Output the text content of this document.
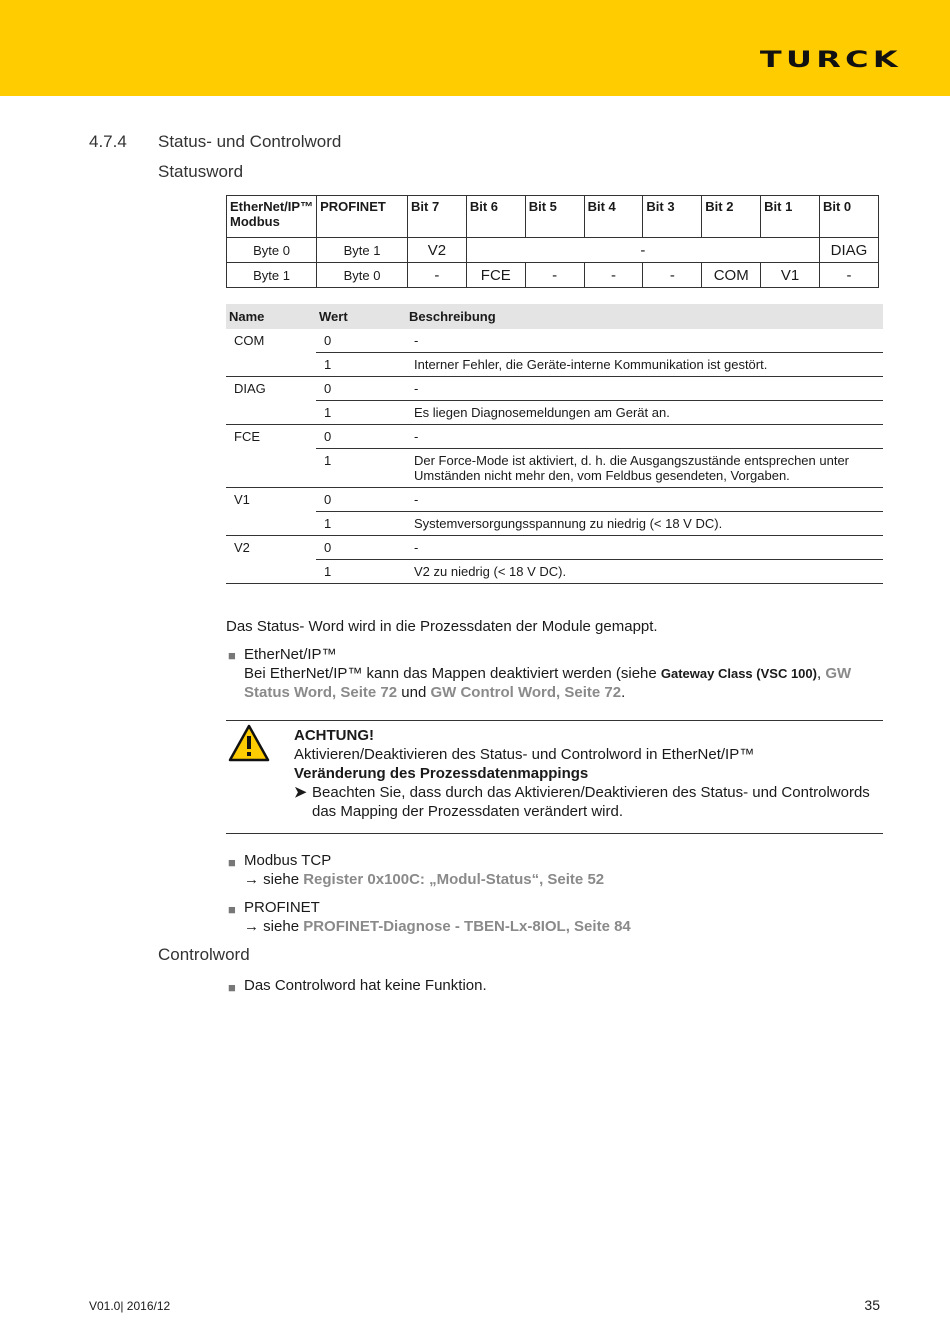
TURCK
4.7.4 Status- und Controlword
Statusword
EtherNet/IP™ Modbus	PROFINET	Bit 7	Bit 6	Bit 5	Bit 4	Bit 3	Bit 2	Bit 1	Bit 0
Byte 0	Byte 1	V2	-						DIAG
Byte 1	Byte 0	-	FCE	-	-	-	COM	V1	-
Name	Wert	Beschreibung
COM	0	-
	1	Interner Fehler, die Geräte-interne Kommunikation ist gestört.
DIAG	0	-
	1	Es liegen Diagnosemeldungen am Gerät an.
FCE	0	-
	1	Der Force-Mode ist aktiviert, d. h. die Ausgangszustände entsprechen unter Umständen nicht mehr den, vom Feldbus gesendeten, Vorgaben.
V1	0	-
	1	Systemversorgungsspannung zu niedrig (< 18 V DC).
V2	0	-
	1	V2 zu niedrig (< 18 V DC).
Das Status- Word wird in die Prozessdaten der Module gemappt.
■ EtherNet/IP™
Bei EtherNet/IP™ kann das Mappen deaktiviert werden (siehe Gateway Class (VSC 100), GW Status Word, Seite 72 und GW Control Word, Seite 72.
ACHTUNG!
Aktivieren/Deaktivieren des Status- und Controlword in EtherNet/IP™
Veränderung des Prozessdatenmappings
➤ Beachten Sie, dass durch das Aktivieren/Deaktivieren des Status- und Controlwords das Mapping der Prozessdaten verändert wird.
■ Modbus TCP
→ siehe Register 0x100C: „Modul-Status“, Seite 52
■ PROFINET
→ siehe PROFINET-Diagnose - TBEN-Lx-8IOL, Seite 84
Controlword
■ Das Controlword hat keine Funktion.
V01.0| 2016/12	35
